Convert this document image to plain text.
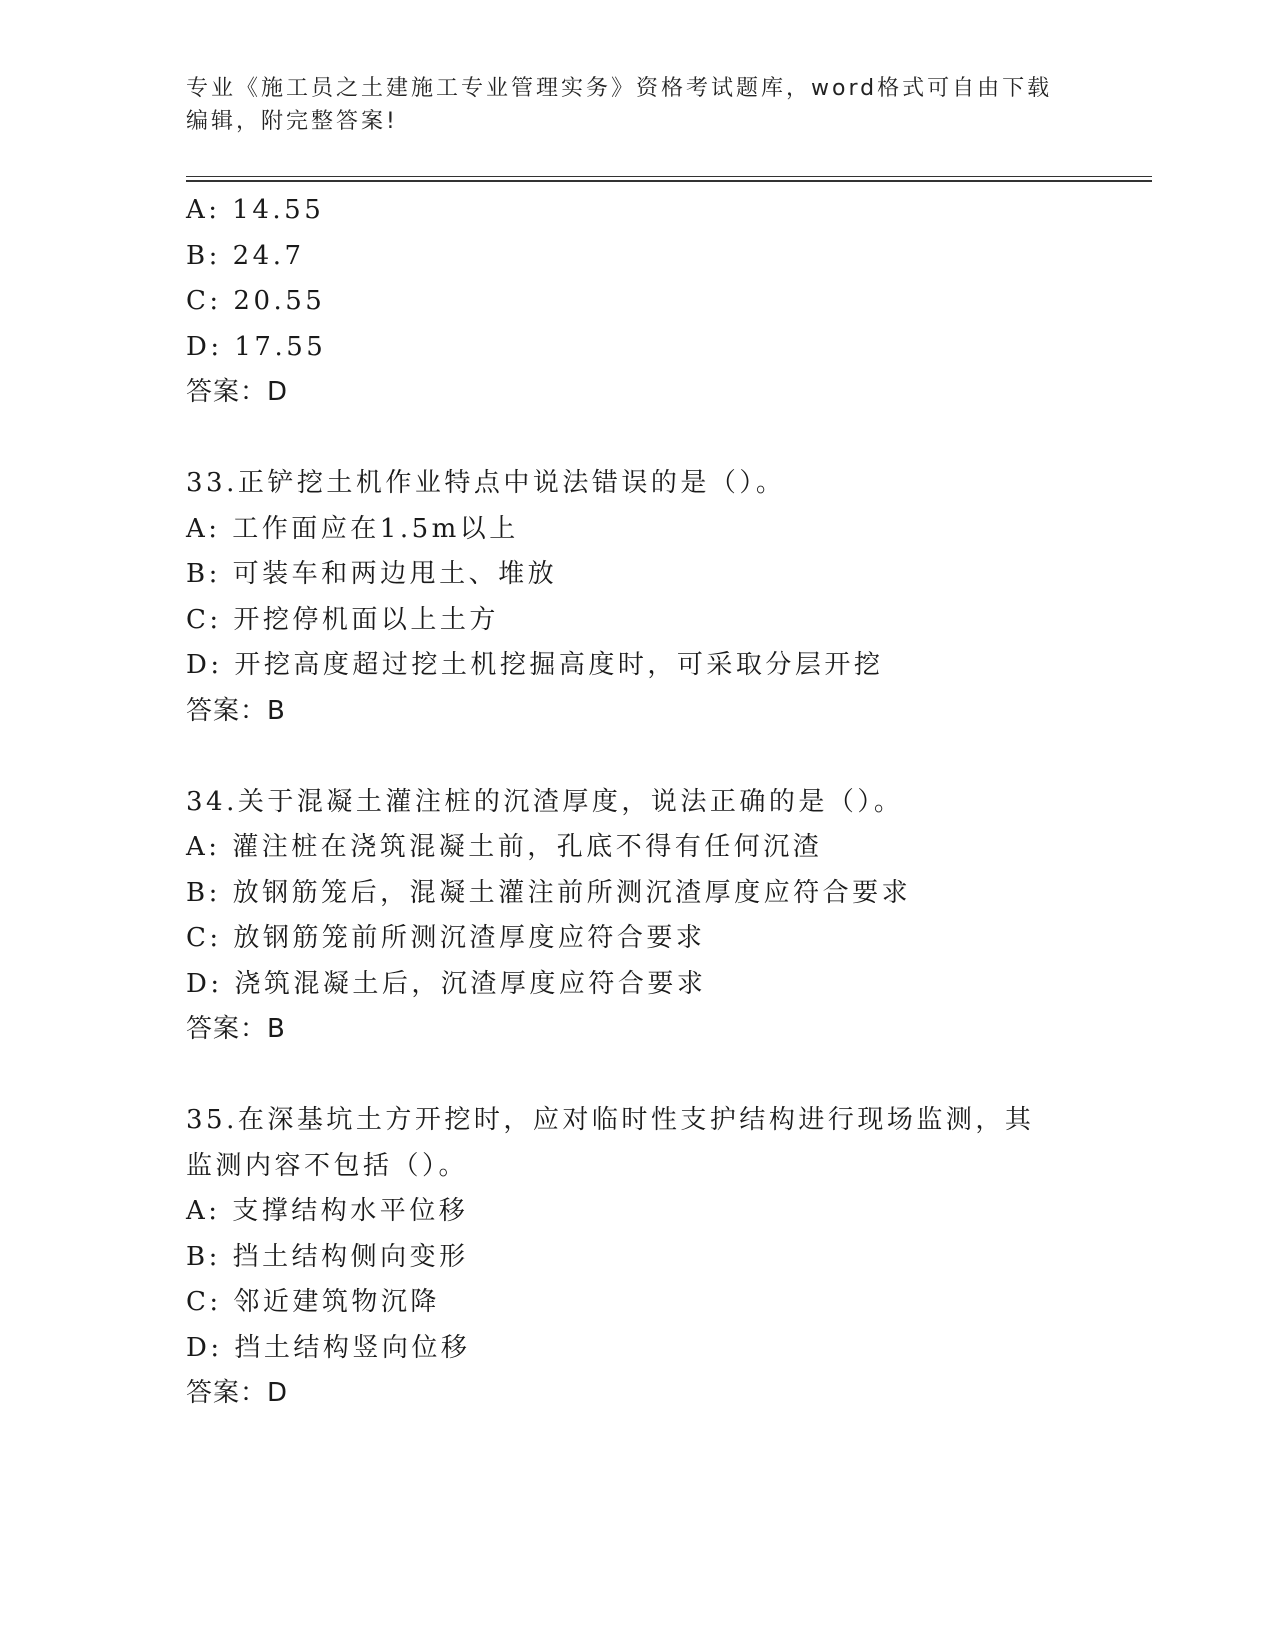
专业《施工员之土建施工专业管理实务》资格考试题库，word格式可自由下载编辑，附完整答案!
A: 14.55
B: 24.7
C: 20.55
D: 17.55
答案：D
33.正铲挖土机作业特点中说法错误的是（）。
A: 工作面应在1.5m以上
B: 可装车和两边甩土、堆放
C: 开挖停机面以上土方
D: 开挖高度超过挖土机挖掘高度时，可采取分层开挖
答案：B
34.关于混凝土灌注桩的沉渣厚度，说法正确的是（）。
A: 灌注桩在浇筑混凝土前，孔底不得有任何沉渣
B: 放钢筋笼后，混凝土灌注前所测沉渣厚度应符合要求
C: 放钢筋笼前所测沉渣厚度应符合要求
D: 浇筑混凝土后，沉渣厚度应符合要求
答案：B
35.在深基坑土方开挖时，应对临时性支护结构进行现场监测，其监测内容不包括（）。
A: 支撑结构水平位移
B: 挡土结构侧向变形
C: 邻近建筑物沉降
D: 挡土结构竖向位移
答案：D
